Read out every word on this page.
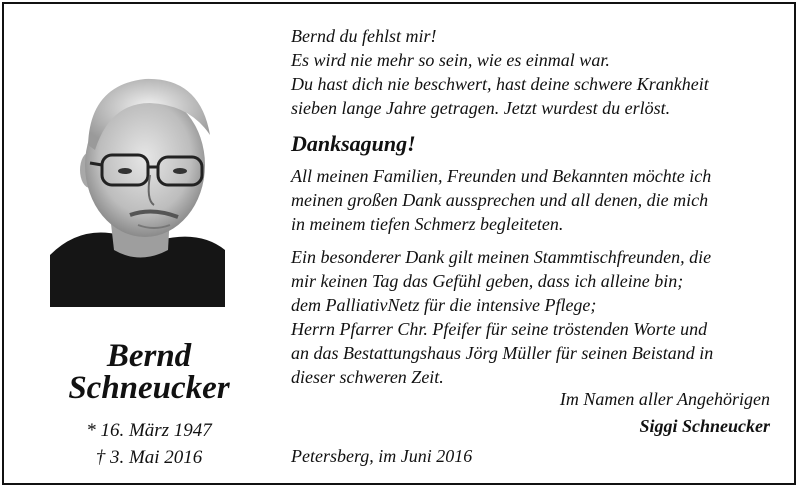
Bernd
Schneucker
* 16. März 1947
† 3. Mai 2016
Bernd du fehlst mir!
Es wird nie mehr so sein, wie es einmal war.
Du hast dich nie beschwert, hast deine schwere Krankheit
sieben lange Jahre getragen. Jetzt wurdest du erlöst.
Danksagung!
All meinen Familien, Freunden und Bekannten möchte ich
meinen großen Dank aussprechen und all denen, die mich
in meinem tiefen Schmerz begleiteten.
Ein besonderer Dank gilt meinen Stammtischfreunden, die
mir keinen Tag das Gefühl geben, dass ich alleine bin;
dem PalliativNetz für die intensive Pflege;
Herrn Pfarrer Chr. Pfeifer für seine tröstenden Worte und
an das Bestattungshaus Jörg Müller für seinen Beistand in
dieser schweren Zeit.
Im Namen aller Angehörigen
Siggi Schneucker
Petersberg, im Juni 2016
